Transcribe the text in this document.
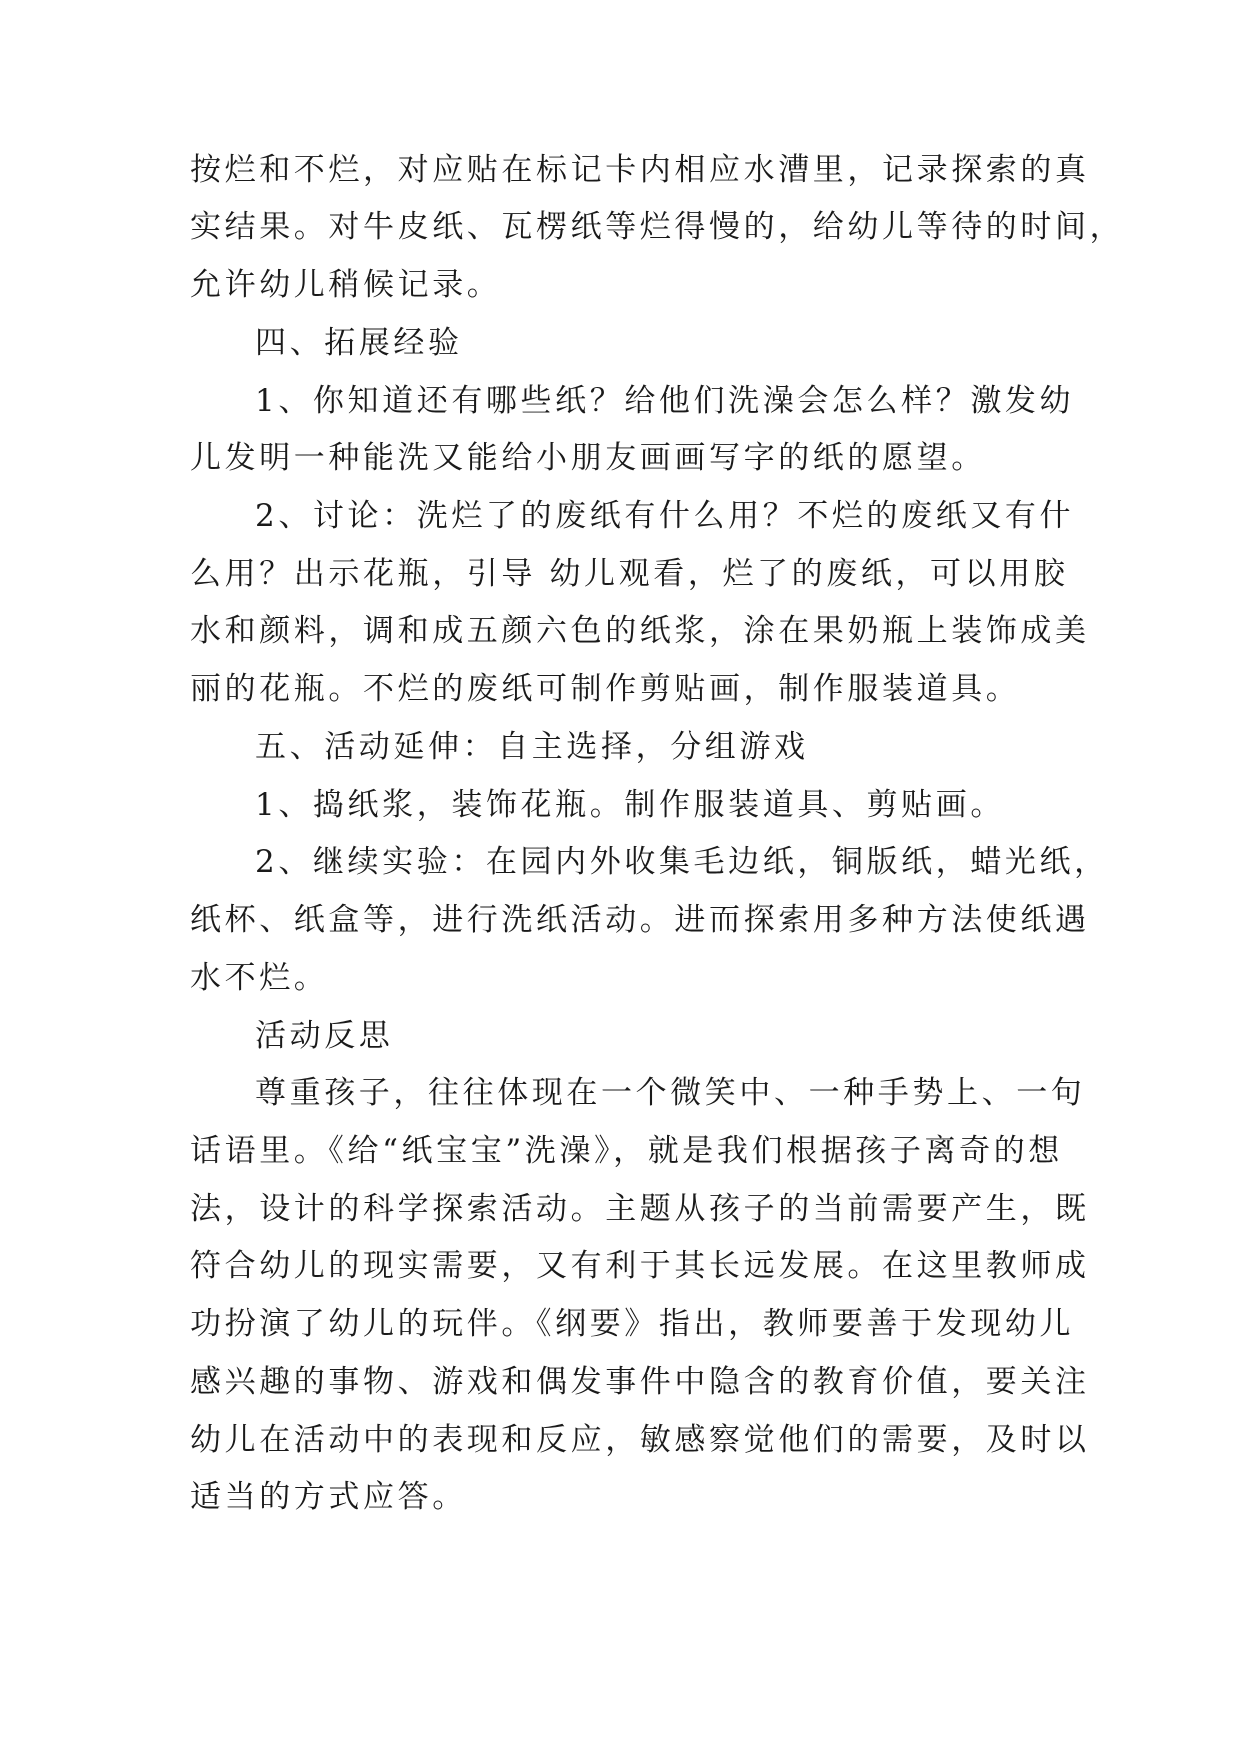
按烂和不烂，对应贴在标记卡内相应水漕里，记录探索的真
实结果。对牛皮纸、瓦楞纸等烂得慢的，给幼儿等待的时间，
允许幼儿稍候记录。
四、拓展经验
1、你知道还有哪些纸？给他们洗澡会怎么样？激发幼
儿发明一种能洗又能给小朋友画画写字的纸的愿望。
2、讨论：洗烂了的废纸有什么用？不烂的废纸又有什
么用？出示花瓶，引导 幼儿观看，烂了的废纸，可以用胶
水和颜料，调和成五颜六色的纸浆，涂在果奶瓶上装饰成美
丽的花瓶。不烂的废纸可制作剪贴画，制作服装道具。
五、活动延伸：自主选择，分组游戏
1、捣纸浆，装饰花瓶。制作服装道具、剪贴画。
2、继续实验：在园内外收集毛边纸，铜版纸，蜡光纸，
纸杯、纸盒等，进行洗纸活动。进而探索用多种方法使纸遇
水不烂。
活动反思
尊重孩子，往往体现在一个微笑中、一种手势上、一句
话语里。《给“纸宝宝”洗澡》，就是我们根据孩子离奇的想
法，设计的科学探索活动。主题从孩子的当前需要产生，既
符合幼儿的现实需要，又有利于其长远发展。在这里教师成
功扮演了幼儿的玩伴。《纲要》指出，教师要善于发现幼儿
感兴趣的事物、游戏和偶发事件中隐含的教育价值，要关注
幼儿在活动中的表现和反应，敏感察觉他们的需要，及时以
适当的方式应答。
